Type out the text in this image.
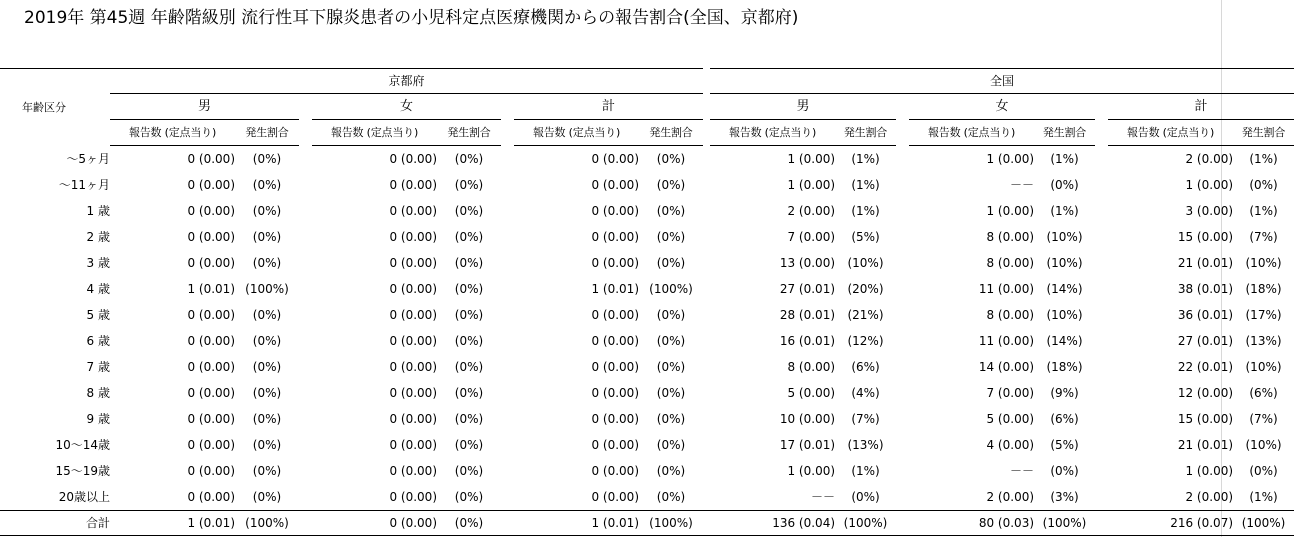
2019年 第45週 年齢階級別 流行性耳下腺炎患者の小児科定点医療機関からの報告割合(全国、京都府)
年齢区分	京都府									全国							
	男			女			計			男			女			計	
	報告数 (定点当り)	発生割合		報告数 (定点当り)	発生割合		報告数 (定点当り)	発生割合		報告数 (定点当り)	発生割合		報告数 (定点当り)	発生割合		報告数 (定点当り)	発生割合
～5ヶ月	0 (0.00)	(0%)		0 (0.00)	(0%)		0 (0.00)	(0%)		1 (0.00)	(1%)		1 (0.00)	(1%)		2 (0.00)	(1%)
～11ヶ月	0 (0.00)	(0%)		0 (0.00)	(0%)		0 (0.00)	(0%)		1 (0.00)	(1%)		－－	(0%)		1 (0.00)	(0%)
1 歳	0 (0.00)	(0%)		0 (0.00)	(0%)		0 (0.00)	(0%)		2 (0.00)	(1%)		1 (0.00)	(1%)		3 (0.00)	(1%)
2 歳	0 (0.00)	(0%)		0 (0.00)	(0%)		0 (0.00)	(0%)		7 (0.00)	(5%)		8 (0.00)	(10%)		15 (0.00)	(7%)
3 歳	0 (0.00)	(0%)		0 (0.00)	(0%)		0 (0.00)	(0%)		13 (0.00)	(10%)		8 (0.00)	(10%)		21 (0.01)	(10%)
4 歳	1 (0.01)	(100%)		0 (0.00)	(0%)		1 (0.01)	(100%)		27 (0.01)	(20%)		11 (0.00)	(14%)		38 (0.01)	(18%)
5 歳	0 (0.00)	(0%)		0 (0.00)	(0%)		0 (0.00)	(0%)		28 (0.01)	(21%)		8 (0.00)	(10%)		36 (0.01)	(17%)
6 歳	0 (0.00)	(0%)		0 (0.00)	(0%)		0 (0.00)	(0%)		16 (0.01)	(12%)		11 (0.00)	(14%)		27 (0.01)	(13%)
7 歳	0 (0.00)	(0%)		0 (0.00)	(0%)		0 (0.00)	(0%)		8 (0.00)	(6%)		14 (0.00)	(18%)		22 (0.01)	(10%)
8 歳	0 (0.00)	(0%)		0 (0.00)	(0%)		0 (0.00)	(0%)		5 (0.00)	(4%)		7 (0.00)	(9%)		12 (0.00)	(6%)
9 歳	0 (0.00)	(0%)		0 (0.00)	(0%)		0 (0.00)	(0%)		10 (0.00)	(7%)		5 (0.00)	(6%)		15 (0.00)	(7%)
10～14歳	0 (0.00)	(0%)		0 (0.00)	(0%)		0 (0.00)	(0%)		17 (0.01)	(13%)		4 (0.00)	(5%)		21 (0.01)	(10%)
15～19歳	0 (0.00)	(0%)		0 (0.00)	(0%)		0 (0.00)	(0%)		1 (0.00)	(1%)		－－	(0%)		1 (0.00)	(0%)
20歳以上	0 (0.00)	(0%)		0 (0.00)	(0%)		0 (0.00)	(0%)		－－	(0%)		2 (0.00)	(3%)		2 (0.00)	(1%)
合計	1 (0.01)	(100%)		0 (0.00)	(0%)		1 (0.01)	(100%)		136 (0.04)	(100%)		80 (0.03)	(100%)		216 (0.07)	(100%)
